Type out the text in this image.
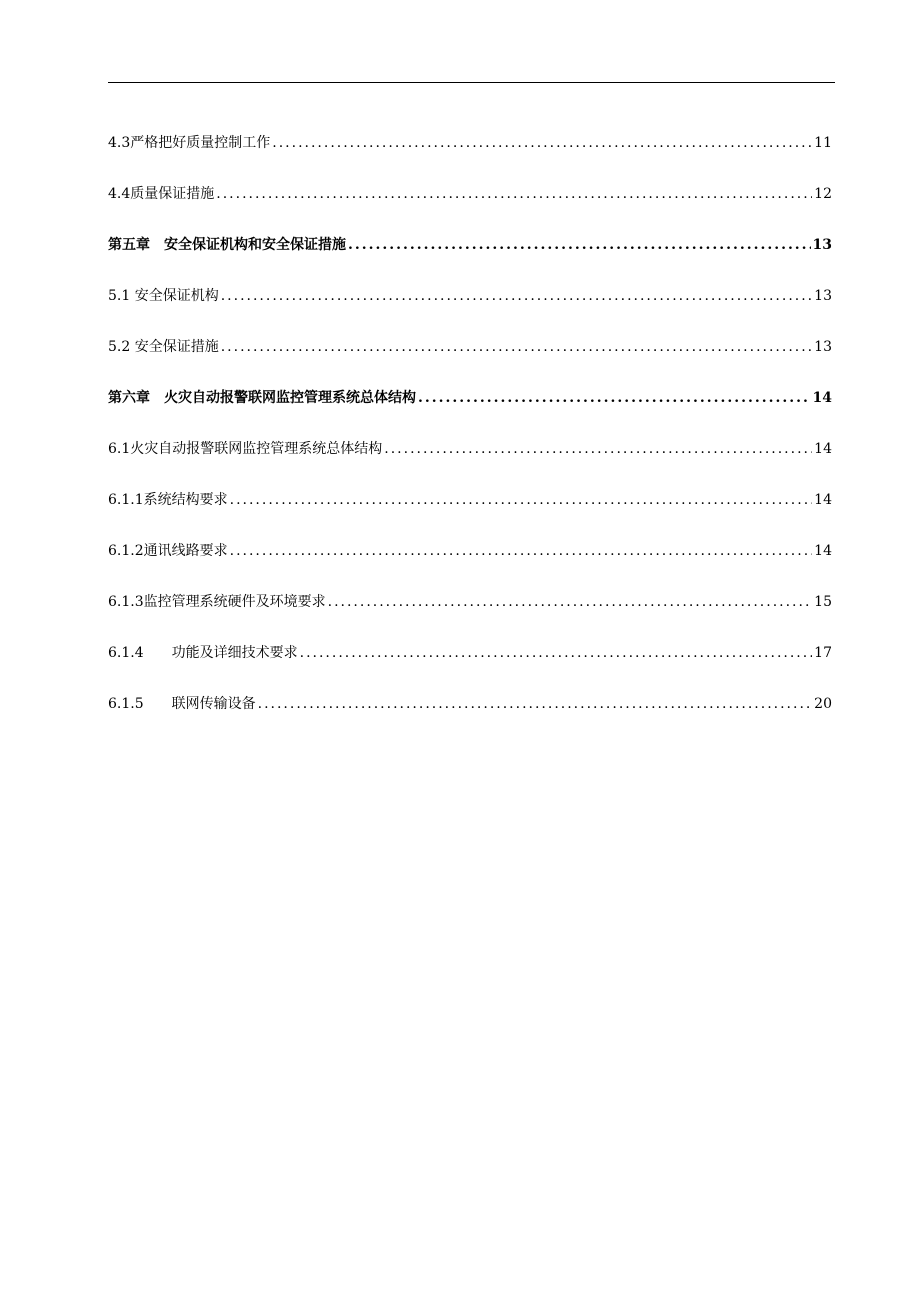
4.3严格把好质量控制工作 .....	11
4.4质量保证措施 .....	12
第五章　安全保证机构和安全保证措施 .....	13
5.1 安全保证机构 .....	13
5.2 安全保证措施 .....	13
第六章　火灾自动报警联网监控管理系统总体结构 .....	14
6.1火灾自动报警联网监控管理系统总体结构 .....	14
6.1.1系统结构要求 .....	14
6.1.2通讯线路要求 .....	14
6.1.3监控管理系统硬件及环境要求 .....	15
6.1.4　　功能及详细技术要求 .....	17
6.1.5　　联网传输设备 .....	20
